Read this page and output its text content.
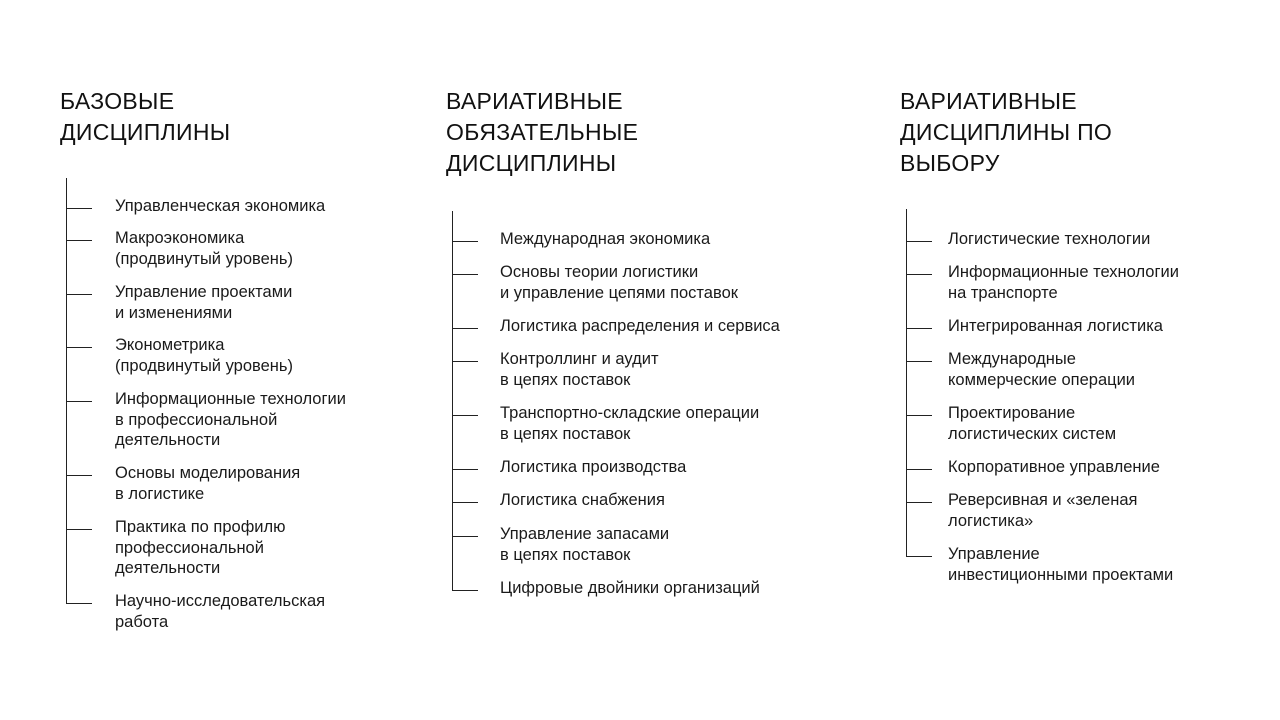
БАЗОВЫЕ
ДИСЦИПЛИНЫ

Управленческая экономика

Макроэкономика
(продвинутый уровень)

Управление проектами
и изменениями

Эконометрика
(продвинутый уровень)

Информационные технологии
в профессиональной
деятельности

Основы моделирования
в логистике

Практика по профилю
профессиональной
деятельности

Научно-исследовательская
работа

ВАРИАТИВНЫЕ
ОБЯЗАТЕЛЬНЫЕ
ДИСЦИПЛИНЫ

Международная экономика

Основы теории логистики
и управление цепями поставок

Логистика распределения и сервиса

Контроллинг и аудит
в цепях поставок

Транспортно-складские операции
в цепях поставок

Логистика производства

Логистика снабжения

Управление запасами
в цепях поставок

Цифровые двойники организаций

ВАРИАТИВНЫЕ
ДИСЦИПЛИНЫ ПО
ВЫБОРУ

Логистические технологии

Информационные технологии
на транспорте

Интегрированная логистика

Международные
коммерческие операции

Проектирование
логистических систем

Корпоративное управление

Реверсивная и «зеленая
логистика»

Управление
инвестиционными проектами
